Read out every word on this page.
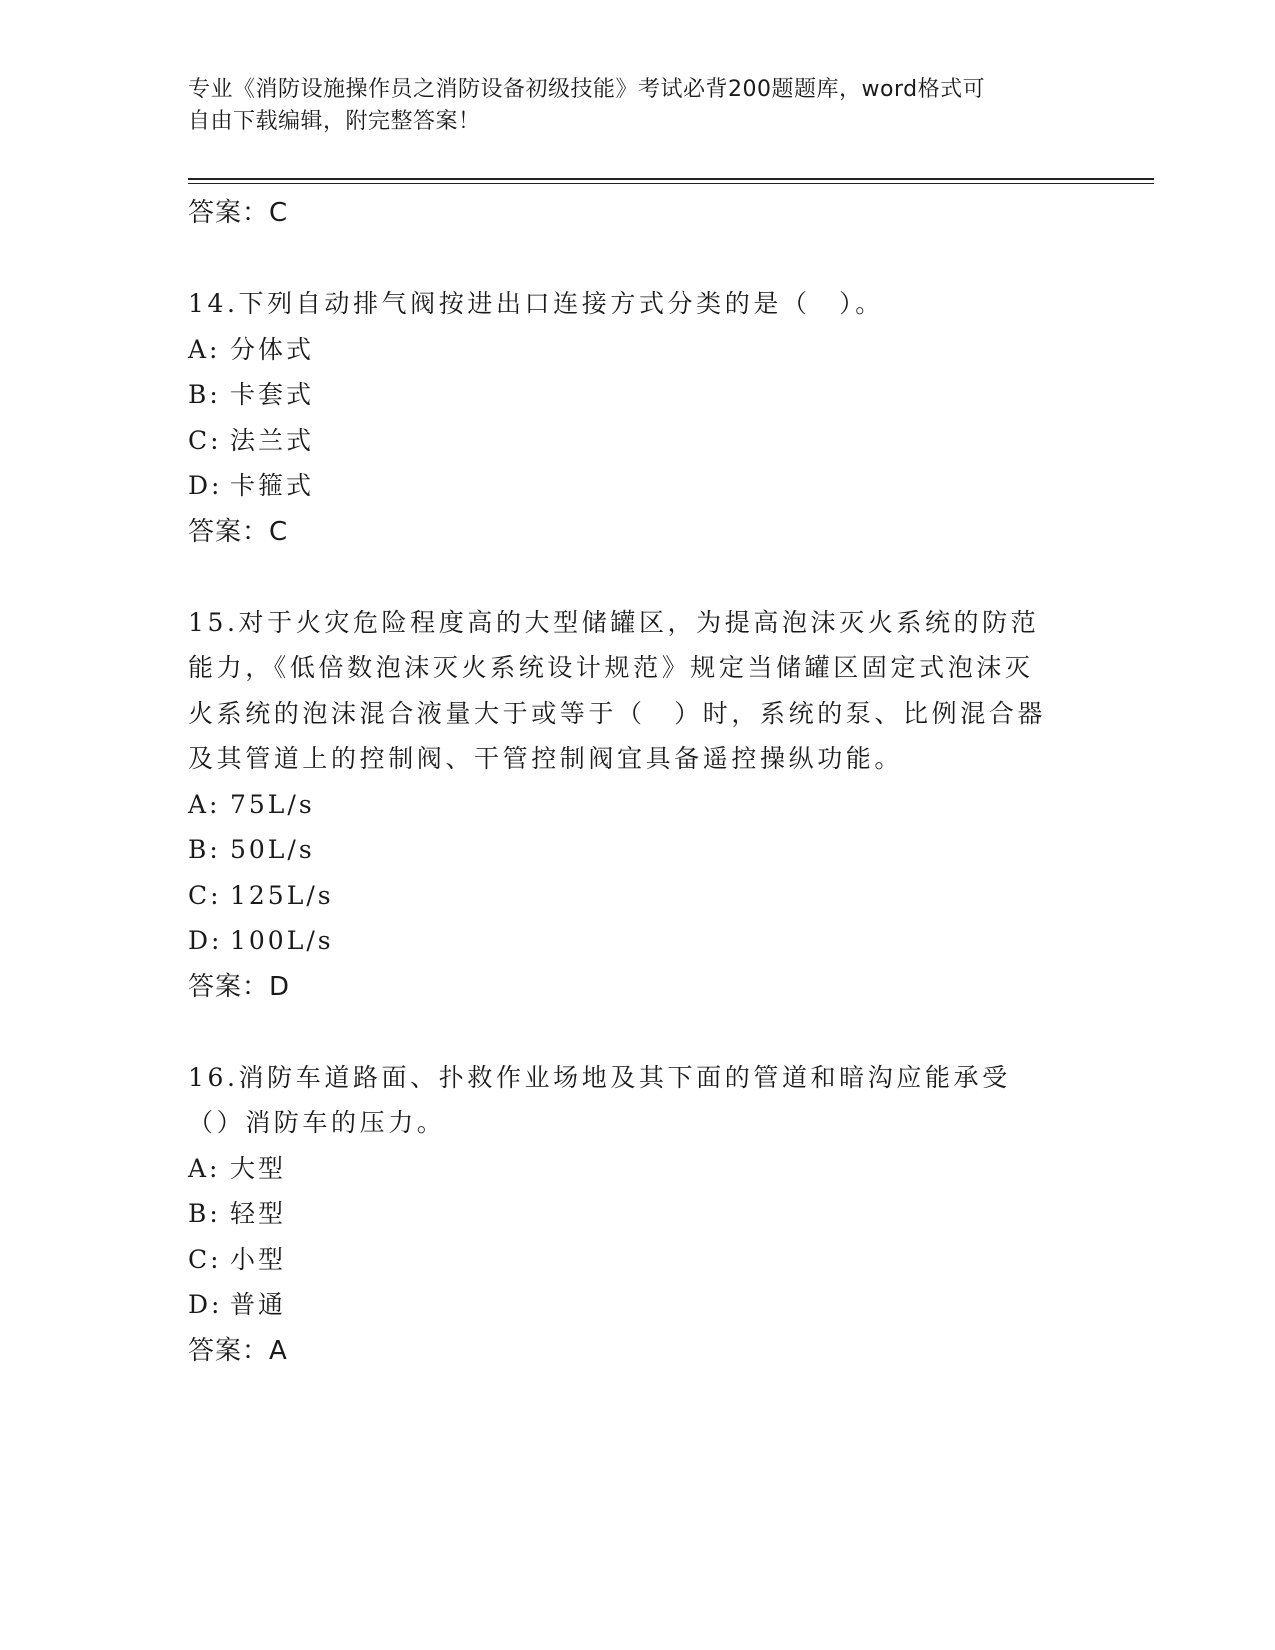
专业《消防设施操作员之消防设备初级技能》考试必背200题题库，word格式可
自由下载编辑，附完整答案！
答案：C
14.下列自动排气阀按进出口连接方式分类的是（　）。
A: 分体式
B: 卡套式
C: 法兰式
D: 卡箍式
答案：C
15.对于火灾危险程度高的大型储罐区，为提高泡沫灭火系统的防范能力，《低倍数泡沫灭火系统设计规范》规定当储罐区固定式泡沫灭火系统的泡沫混合液量大于或等于（　）时，系统的泵、比例混合器及其管道上的控制阀、干管控制阀宜具备遥控操纵功能。
A: 75L/s
B: 50L/s
C: 125L/s
D: 100L/s
答案：D
16.消防车道路面、扑救作业场地及其下面的管道和暗沟应能承受（）消防车的压力。
A: 大型
B: 轻型
C: 小型
D: 普通
答案：A
